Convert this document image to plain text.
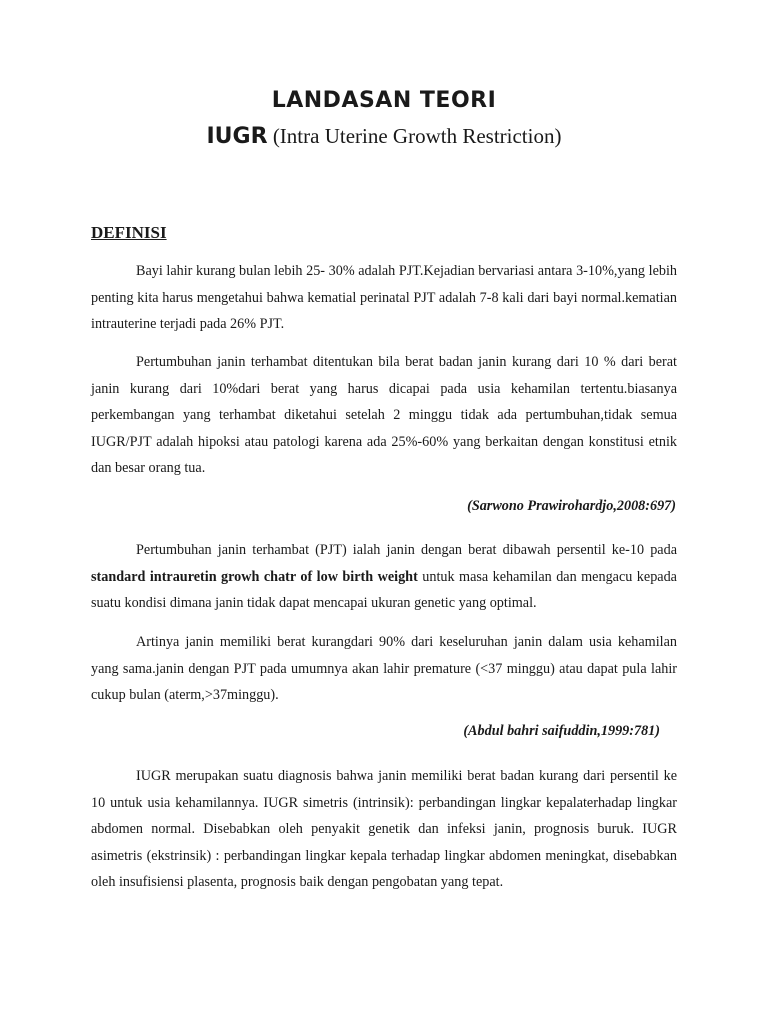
LANDASAN TEORI
IUGR (Intra Uterine Growth Restriction)
DEFINISI

Bayi lahir kurang bulan lebih 25- 30% adalah PJT.Kejadian bervariasi antara 3-10%,yang lebih penting kita harus mengetahui bahwa kematial perinatal PJT adalah 7-8 kali dari bayi normal.kematian intrauterine terjadi pada 26% PJT.

Pertumbuhan janin terhambat ditentukan bila berat badan janin kurang dari 10 % dari berat janin kurang dari 10%dari berat yang harus dicapai pada usia kehamilan tertentu.biasanya perkembangan yang terhambat diketahui setelah 2 minggu tidak ada pertumbuhan,tidak semua IUGR/PJT adalah hipoksi atau patologi karena ada 25%-60% yang berkaitan dengan konstitusi etnik dan besar orang tua.

(Sarwono Prawirohardjo,2008:697)

Pertumbuhan janin terhambat (PJT) ialah janin dengan berat dibawah persentil ke-10 pada standard intrauretin growh chatr of low birth weight untuk masa kehamilan dan mengacu kepada suatu kondisi dimana janin tidak dapat mencapai ukuran genetic yang optimal.

Artinya janin memiliki berat kurangdari 90% dari keseluruhan janin dalam usia kehamilan yang sama.janin dengan PJT pada umumnya akan lahir premature (<37 minggu) atau dapat pula lahir cukup bulan (aterm,>37minggu).

(Abdul bahri saifuddin,1999:781)

IUGR merupakan suatu diagnosis bahwa janin memiliki berat badan kurang dari persentil ke 10 untuk usia kehamilannya. IUGR simetris (intrinsik): perbandingan lingkar kepalaterhadap lingkar abdomen normal. Disebabkan oleh penyakit genetik dan infeksi janin, prognosis buruk. IUGR asimetris (ekstrinsik) : perbandingan lingkar kepala terhadap lingkar abdomen meningkat, disebabkan oleh insufisiensi plasenta, prognosis baik dengan pengobatan yang tepat.
